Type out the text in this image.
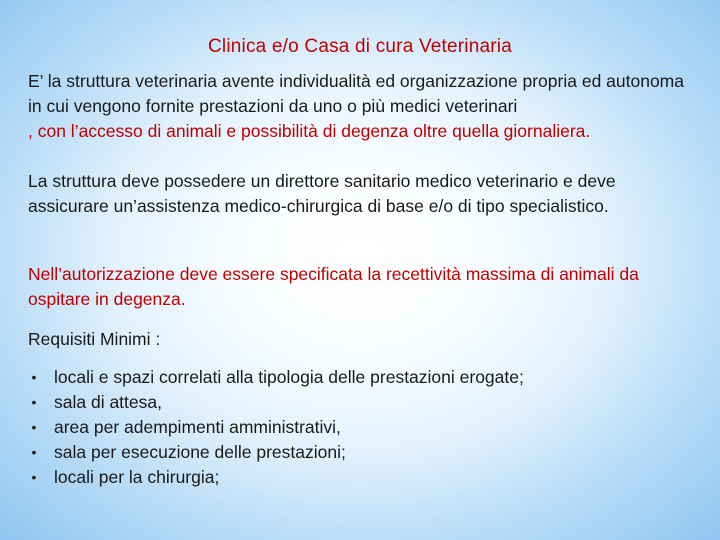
Clinica e/o Casa di cura Veterinaria
E’ la struttura veterinaria avente individualità ed organizzazione propria ed autonoma in cui vengono fornite prestazioni da uno o più medici veterinari
, con l’accesso di animali e possibilità di degenza oltre quella giornaliera.
La struttura deve possedere un direttore sanitario medico veterinario e deve assicurare un’assistenza medico-chirurgica di base e/o di tipo specialistico.
Nell’autorizzazione deve essere specificata la recettività massima di animali da ospitare in degenza.
Requisiti Minimi :
• locali e spazi correlati alla tipologia delle prestazioni erogate;
• sala di attesa,
• area per adempimenti amministrativi,
• sala per esecuzione delle prestazioni;
• locali per la chirurgia;
